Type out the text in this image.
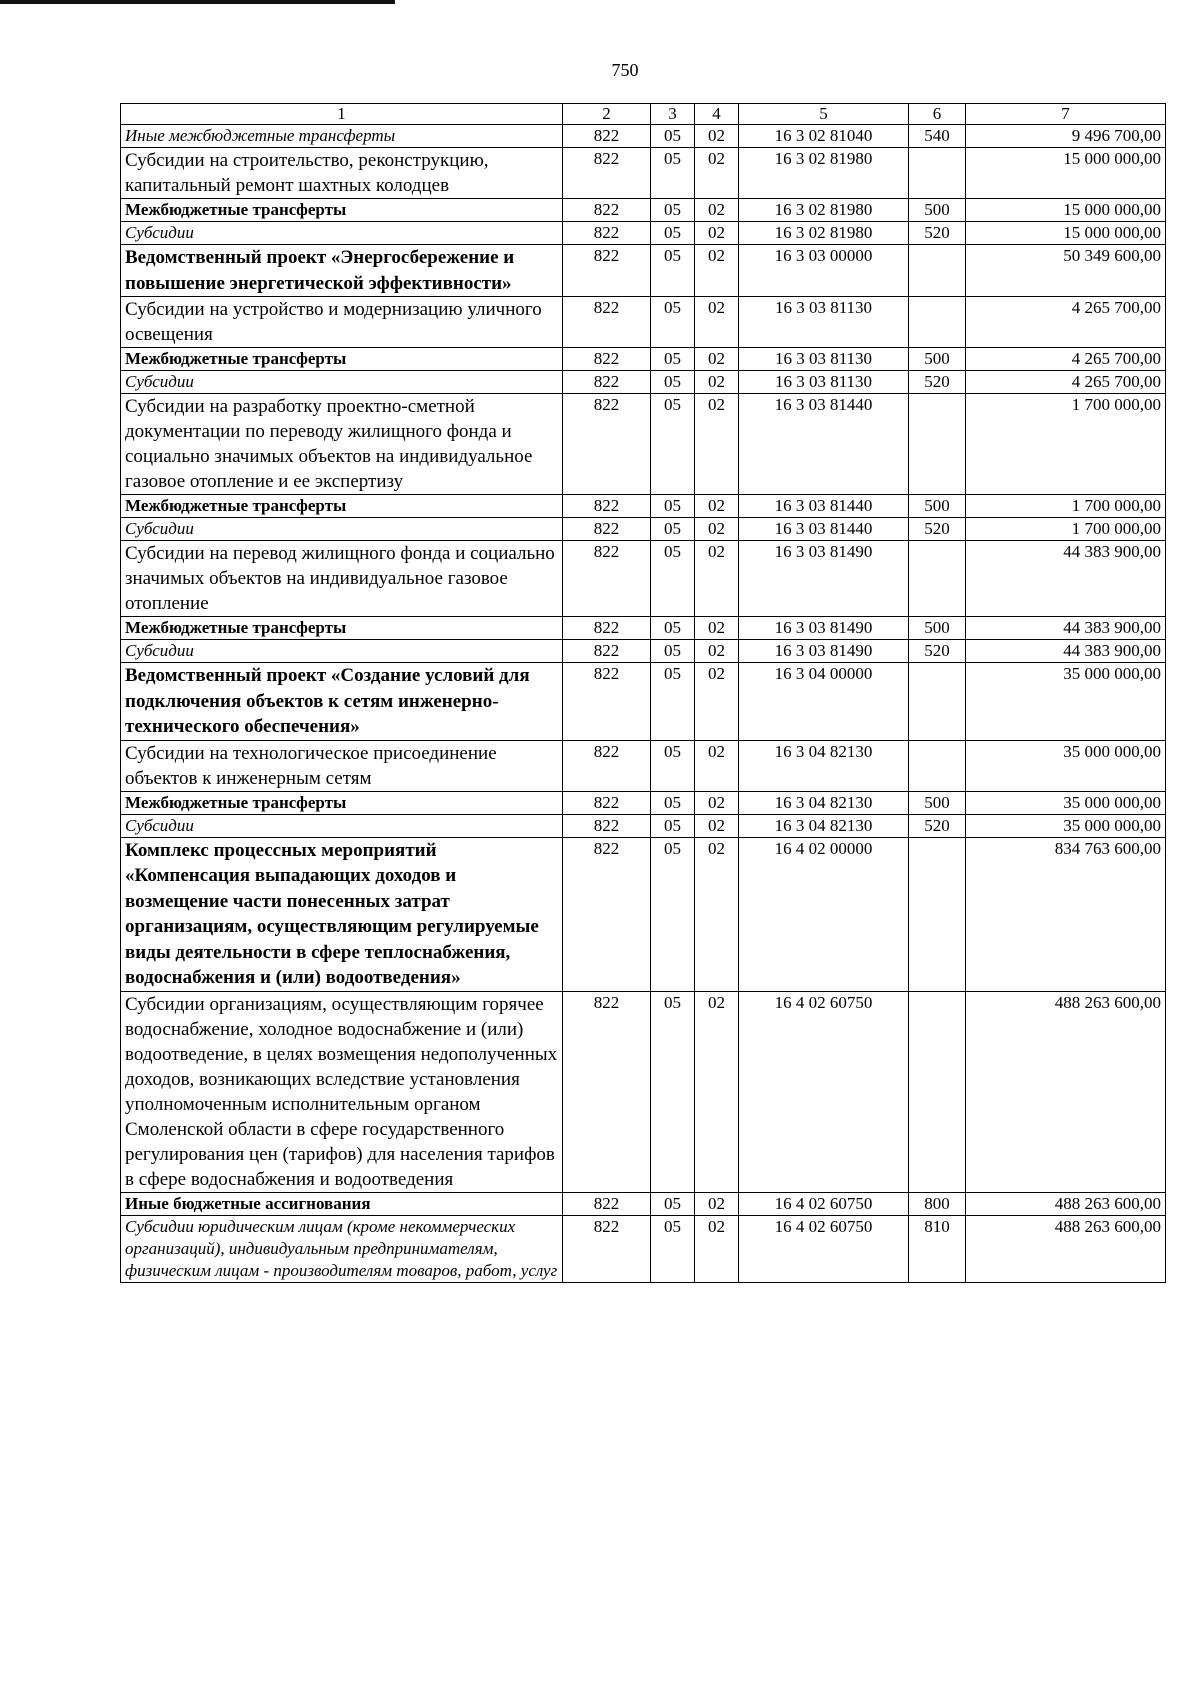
750
1	2	3	4	5	6	7
Иные межбюджетные трансферты	822	05	02	16 3 02 81040	540	9 496 700,00
Субсидии на строительство, реконструкцию, капитальный ремонт шахтных колодцев	822	05	02	16 3 02 81980		15 000 000,00
Межбюджетные трансферты	822	05	02	16 3 02 81980	500	15 000 000,00
Субсидии	822	05	02	16 3 02 81980	520	15 000 000,00
Ведомственный проект «Энергосбережение и повышение энергетической эффективности»	822	05	02	16 3 03 00000		50 349 600,00
Субсидии на устройство и модернизацию уличного освещения	822	05	02	16 3 03 81130		4 265 700,00
Межбюджетные трансферты	822	05	02	16 3 03 81130	500	4 265 700,00
Субсидии	822	05	02	16 3 03 81130	520	4 265 700,00
Субсидии на разработку проектно-сметной документации по переводу жилищного фонда и социально значимых объектов на индивидуальное газовое отопление и ее экспертизу	822	05	02	16 3 03 81440		1 700 000,00
Межбюджетные трансферты	822	05	02	16 3 03 81440	500	1 700 000,00
Субсидии	822	05	02	16 3 03 81440	520	1 700 000,00
Субсидии на перевод жилищного фонда и социально значимых объектов на индивидуальное газовое отопление	822	05	02	16 3 03 81490		44 383 900,00
Межбюджетные трансферты	822	05	02	16 3 03 81490	500	44 383 900,00
Субсидии	822	05	02	16 3 03 81490	520	44 383 900,00
Ведомственный проект «Создание условий для подключения объектов к сетям инженерно-технического обеспечения»	822	05	02	16 3 04 00000		35 000 000,00
Субсидии на технологическое присоединение объектов к инженерным сетям	822	05	02	16 3 04 82130		35 000 000,00
Межбюджетные трансферты	822	05	02	16 3 04 82130	500	35 000 000,00
Субсидии	822	05	02	16 3 04 82130	520	35 000 000,00
Комплекс процессных мероприятий «Компенсация выпадающих доходов и возмещение части понесенных затрат организациям, осуществляющим регулируемые виды деятельности в сфере теплоснабжения, водоснабжения и (или) водоотведения»	822	05	02	16 4 02 00000		834 763 600,00
Субсидии организациям, осуществляющим горячее водоснабжение, холодное водоснабжение и (или) водоотведение, в целях возмещения недополученных доходов, возникающих вследствие установления уполномоченным исполнительным органом Смоленской области в сфере государственного регулирования цен (тарифов) для населения тарифов в сфере водоснабжения и водоотведения	822	05	02	16 4 02 60750		488 263 600,00
Иные бюджетные ассигнования	822	05	02	16 4 02 60750	800	488 263 600,00
Субсидии юридическим лицам (кроме некоммерческих организаций), индивидуальным предпринимателям, физическим лицам - производителям товаров, работ, услуг	822	05	02	16 4 02 60750	810	488 263 600,00
